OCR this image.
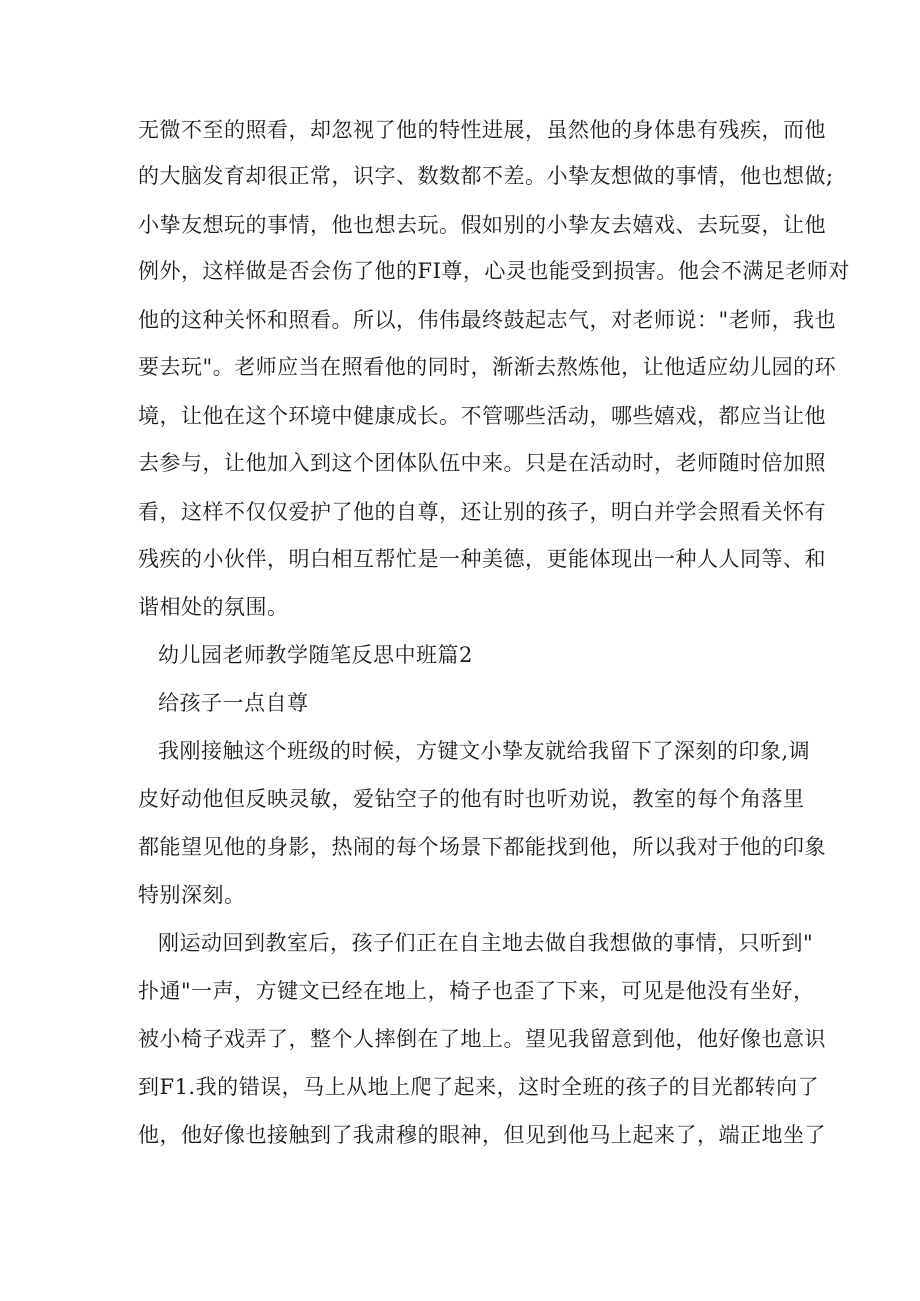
无微不至的照看，却忽视了他的特性进展，虽然他的身体患有残疾，而他
的大脑发育却很正常，识字、数数都不差。小挚友想做的事情，他也想做;
小挚友想玩的事情，他也想去玩。假如别的小挚友去嬉戏、去玩耍，让他
例外，这样做是否会伤了他的FI尊，心灵也能受到损害。他会不满足老师对
他的这种关怀和照看。所以，伟伟最终鼓起志气，对老师说："老师，我也
要去玩"。老师应当在照看他的同时，渐渐去熬炼他，让他适应幼儿园的环
境，让他在这个环境中健康成长。不管哪些活动，哪些嬉戏，都应当让他
去参与，让他加入到这个团体队伍中来。只是在活动时，老师随时倍加照
看，这样不仅仅爱护了他的自尊，还让别的孩子，明白并学会照看关怀有
残疾的小伙伴，明白相互帮忙是一种美德，更能体现出一种人人同等、和
谐相处的氛围。
幼儿园老师教学随笔反思中班篇2
给孩子一点自尊
我刚接触这个班级的时候，方键文小挚友就给我留下了深刻的印象,调
皮好动他但反映灵敏，爱钻空子的他有时也听劝说，教室的每个角落里
都能望见他的身影，热闹的每个场景下都能找到他，所以我对于他的印象
特别深刻。
刚运动回到教室后，孩子们正在自主地去做自我想做的事情，只听到"
扑通"一声，方键文已经在地上，椅子也歪了下来，可见是他没有坐好，
被小椅子戏弄了，整个人摔倒在了地上。望见我留意到他，他好像也意识
到F1.我的错误，马上从地上爬了起来，这时全班的孩子的目光都转向了
他，他好像也接触到了我肃穆的眼神，但见到他马上起来了，端正地坐了
